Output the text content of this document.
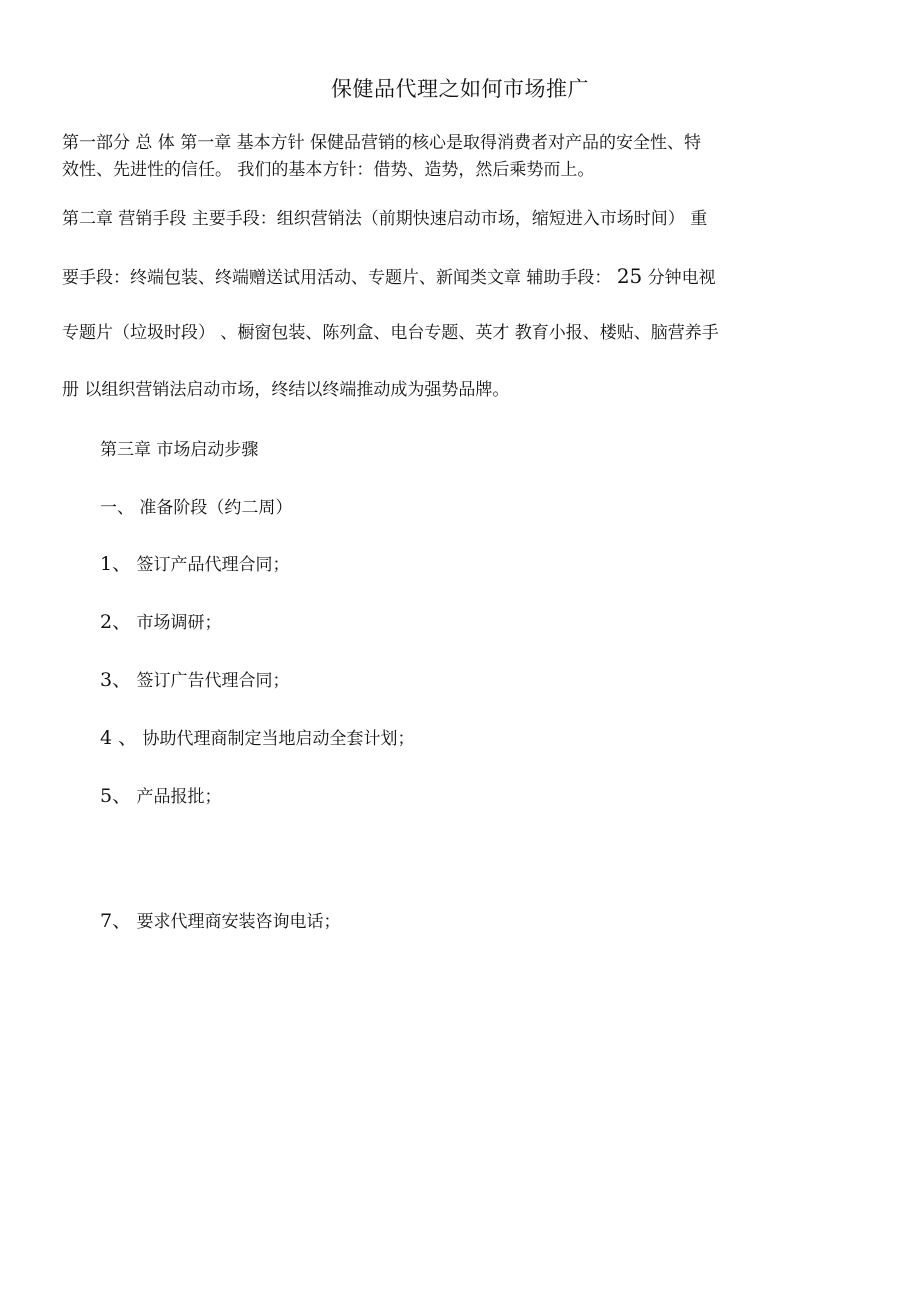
保健品代理之如何市场推广
第一部分 总 体 第一章 基本方针 保健品营销的核心是取得消费者对产品的安全性、特
效性、先进性的信任。 我们的基本方针：借势、造势，然后乘势而上。
第二章 营销手段 主要手段：组织营销法（前期快速启动市场，缩短进入市场时间） 重
要手段：终端包装、终端赠送试用活动、专题片、新闻类文章 辅助手段： 25 分钟电视
专题片（垃圾时段） 、橱窗包装、陈列盒、电台专题、英才 教育小报、楼贴、脑营养手
册 以组织营销法启动市场，终结以终端推动成为强势品牌。
第三章 市场启动步骤
一、 准备阶段（约二周）
1、 签订产品代理合同；
2、 市场调研；
3、 签订广告代理合同；
4 、 协助代理商制定当地启动全套计划；
5、 产品报批；
7、 要求代理商安装咨询电话；
